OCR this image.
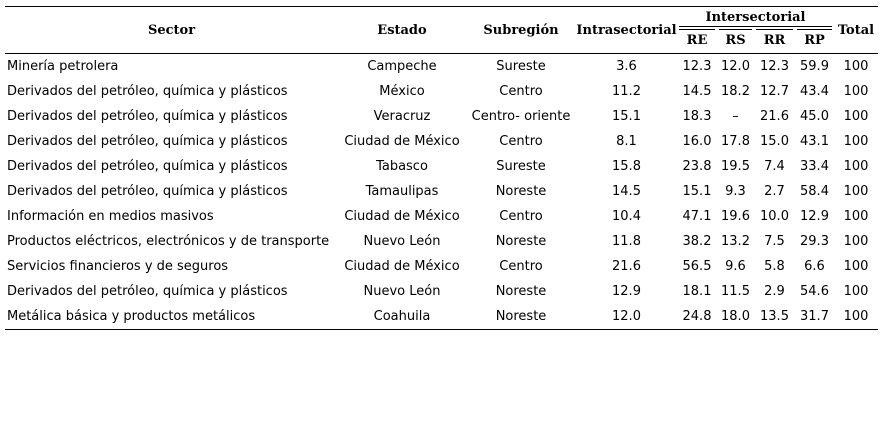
Sector	Estado	Subregión	Intrasectorial	Intersectorial				Total

RE	RS	RR	RP	
Minería petrolera	Campeche	Sureste	3.6	12.3	12.0	12.3	59.9	100
Derivados del petróleo, química y plásticos	México	Centro	11.2	14.5	18.2	12.7	43.4	100
Derivados del petróleo, química y plásticos	Veracruz	Centro- oriente	15.1	18.3	–	21.6	45.0	100
Derivados del petróleo, química y plásticos	Ciudad de México	Centro	8.1	16.0	17.8	15.0	43.1	100
Derivados del petróleo, química y plásticos	Tabasco	Sureste	15.8	23.8	19.5	7.4	33.4	100
Derivados del petróleo, química y plásticos	Tamaulipas	Noreste	14.5	15.1	9.3	2.7	58.4	100
Información en medios masivos	Ciudad de México	Centro	10.4	47.1	19.6	10.0	12.9	100
Productos eléctricos, electrónicos y de transporte	Nuevo León	Noreste	11.8	38.2	13.2	7.5	29.3	100
Servicios financieros y de seguros	Ciudad de México	Centro	21.6	56.5	9.6	5.8	6.6	100
Derivados del petróleo, química y plásticos	Nuevo León	Noreste	12.9	18.1	11.5	2.9	54.6	100
Metálica básica y productos metálicos	Coahuila	Noreste	12.0	24.8	18.0	13.5	31.7	100
